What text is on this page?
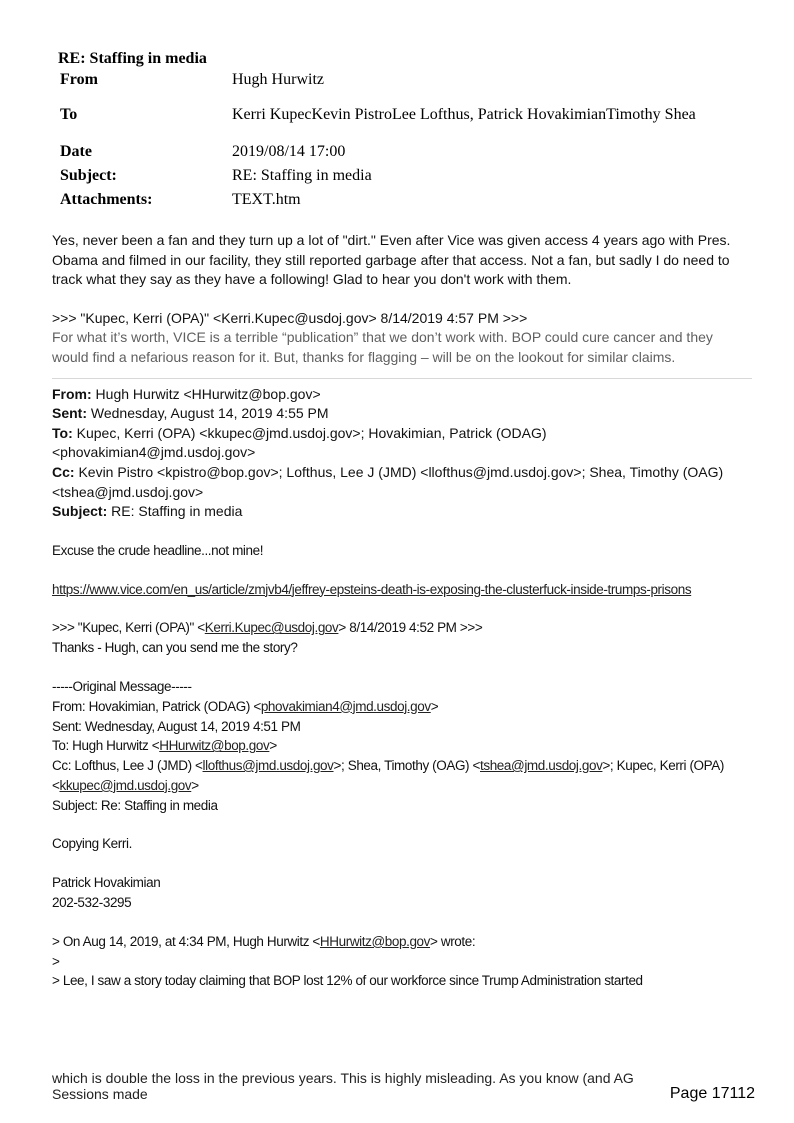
RE: Staffing in media	
From	Hugh Hurwitz
To	Kerri KupecKevin PistroLee Lofthus, Patrick HovakimianTimothy Shea
Date	2019/08/14 17:00
Subject:	RE: Staffing in media
Attachments:	TEXT.htm

Yes, never been a fan and they turn up a lot of "dirt." Even after Vice was given access 4 years ago with Pres. Obama and filmed in our facility, they still reported garbage after that access. Not a fan, but sadly I do need to track what they say as they have a following! Glad to hear you don't work with them.

>>> "Kupec, Kerri (OPA)" <Kerri.Kupec@usdoj.gov> 8/14/2019 4:57 PM >>>

For what it’s worth, VICE is a terrible “publication” that we don’t work with. BOP could cure cancer and they would find a nefarious reason for it. But, thanks for flagging – will be on the lookout for similar claims.

From: Hugh Hurwitz <HHurwitz@bop.gov>

Sent: Wednesday, August 14, 2019 4:55 PM

To: Kupec, Kerri (OPA) <kkupec@jmd.usdoj.gov>; Hovakimian, Patrick (ODAG) <phovakimian4@jmd.usdoj.gov>

Cc: Kevin Pistro <kpistro@bop.gov>; Lofthus, Lee J (JMD) <llofthus@jmd.usdoj.gov>; Shea, Timothy (OAG) <tshea@jmd.usdoj.gov>

Subject: RE: Staffing in media

Excuse the crude headline...not mine!

https://www.vice.com/en_us/article/zmjvb4/jeffrey-epsteins-death-is-exposing-the-clusterfuck-inside-trumps-prisons

>>> "Kupec, Kerri (OPA)" <Kerri.Kupec@usdoj.gov> 8/14/2019 4:52 PM >>>

Thanks - Hugh, can you send me the story?

-----Original Message-----

From: Hovakimian, Patrick (ODAG) <phovakimian4@jmd.usdoj.gov>

Sent: Wednesday, August 14, 2019 4:51 PM

To: Hugh Hurwitz <HHurwitz@bop.gov>

Cc: Lofthus, Lee J (JMD) <llofthus@jmd.usdoj.gov>; Shea, Timothy (OAG) <tshea@jmd.usdoj.gov>; Kupec, Kerri (OPA) <kkupec@jmd.usdoj.gov>

Subject: Re: Staffing in media

Copying Kerri.

Patrick Hovakimian

202-532-3295

> On Aug 14, 2019, at 4:34 PM, Hugh Hurwitz <HHurwitz@bop.gov> wrote:

>

> Lee, I saw a story today claiming that BOP lost 12% of our workforce since Trump Administration started

which is double the loss in the previous years. This is highly misleading. As you know (and AG Sessions made	Page 17112
